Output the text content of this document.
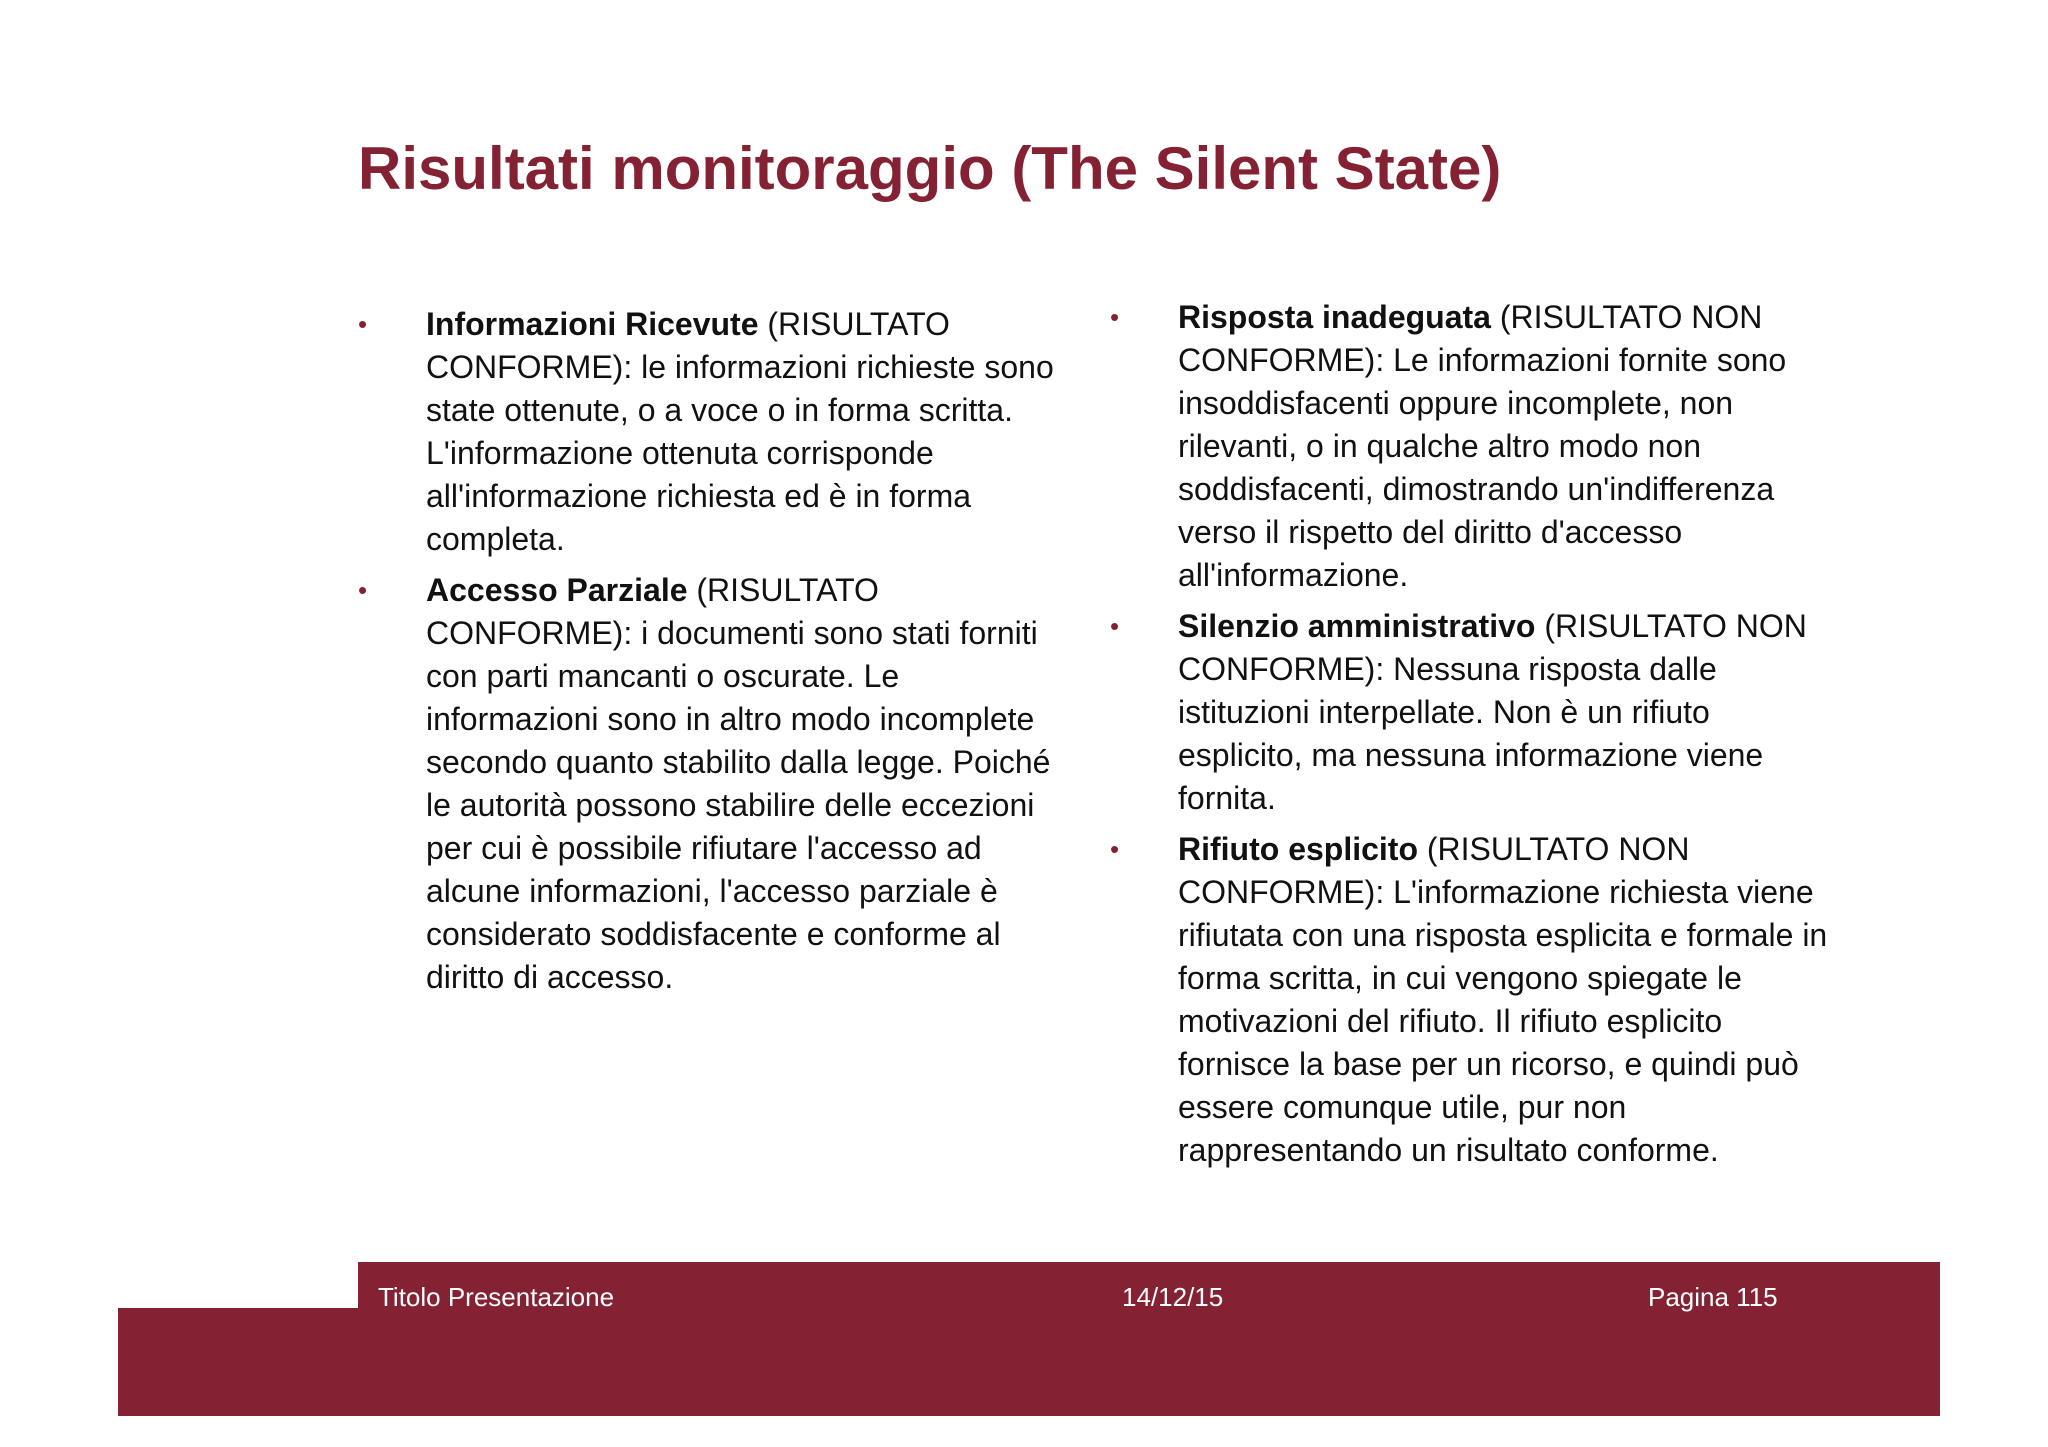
Risultati monitoraggio (The Silent State)
• Informazioni Ricevute (RISULTATO CONFORME): le informazioni richieste sono state ottenute, o a voce o in forma scritta. L'informazione ottenuta corrisponde all'informazione richiesta ed è in forma completa.
• Accesso Parziale (RISULTATO CONFORME): i documenti sono stati forniti con parti mancanti o oscurate. Le informazioni sono in altro modo incomplete secondo quanto stabilito dalla legge. Poiché le autorità possono stabilire delle eccezioni per cui è possibile rifiutare l'accesso ad alcune informazioni, l'accesso parziale è considerato soddisfacente e conforme al diritto di accesso.
• Risposta inadeguata (RISULTATO NON CONFORME): Le informazioni fornite sono insoddisfacenti oppure incomplete, non rilevanti, o in qualche altro modo non soddisfacenti, dimostrando un'indifferenza verso il rispetto del diritto d'accesso all'informazione.
• Silenzio amministrativo (RISULTATO NON CONFORME): Nessuna risposta dalle istituzioni interpellate. Non è un rifiuto esplicito, ma nessuna informazione viene fornita.
• Rifiuto esplicito (RISULTATO NON CONFORME): L'informazione richiesta viene rifiutata con una risposta esplicita e formale in forma scritta, in cui vengono spiegate le motivazioni del rifiuto. Il rifiuto esplicito fornisce la base per un ricorso, e quindi può essere comunque utile, pur non rappresentando un risultato conforme.
Titolo Presentazione	14/12/15	Pagina 115
